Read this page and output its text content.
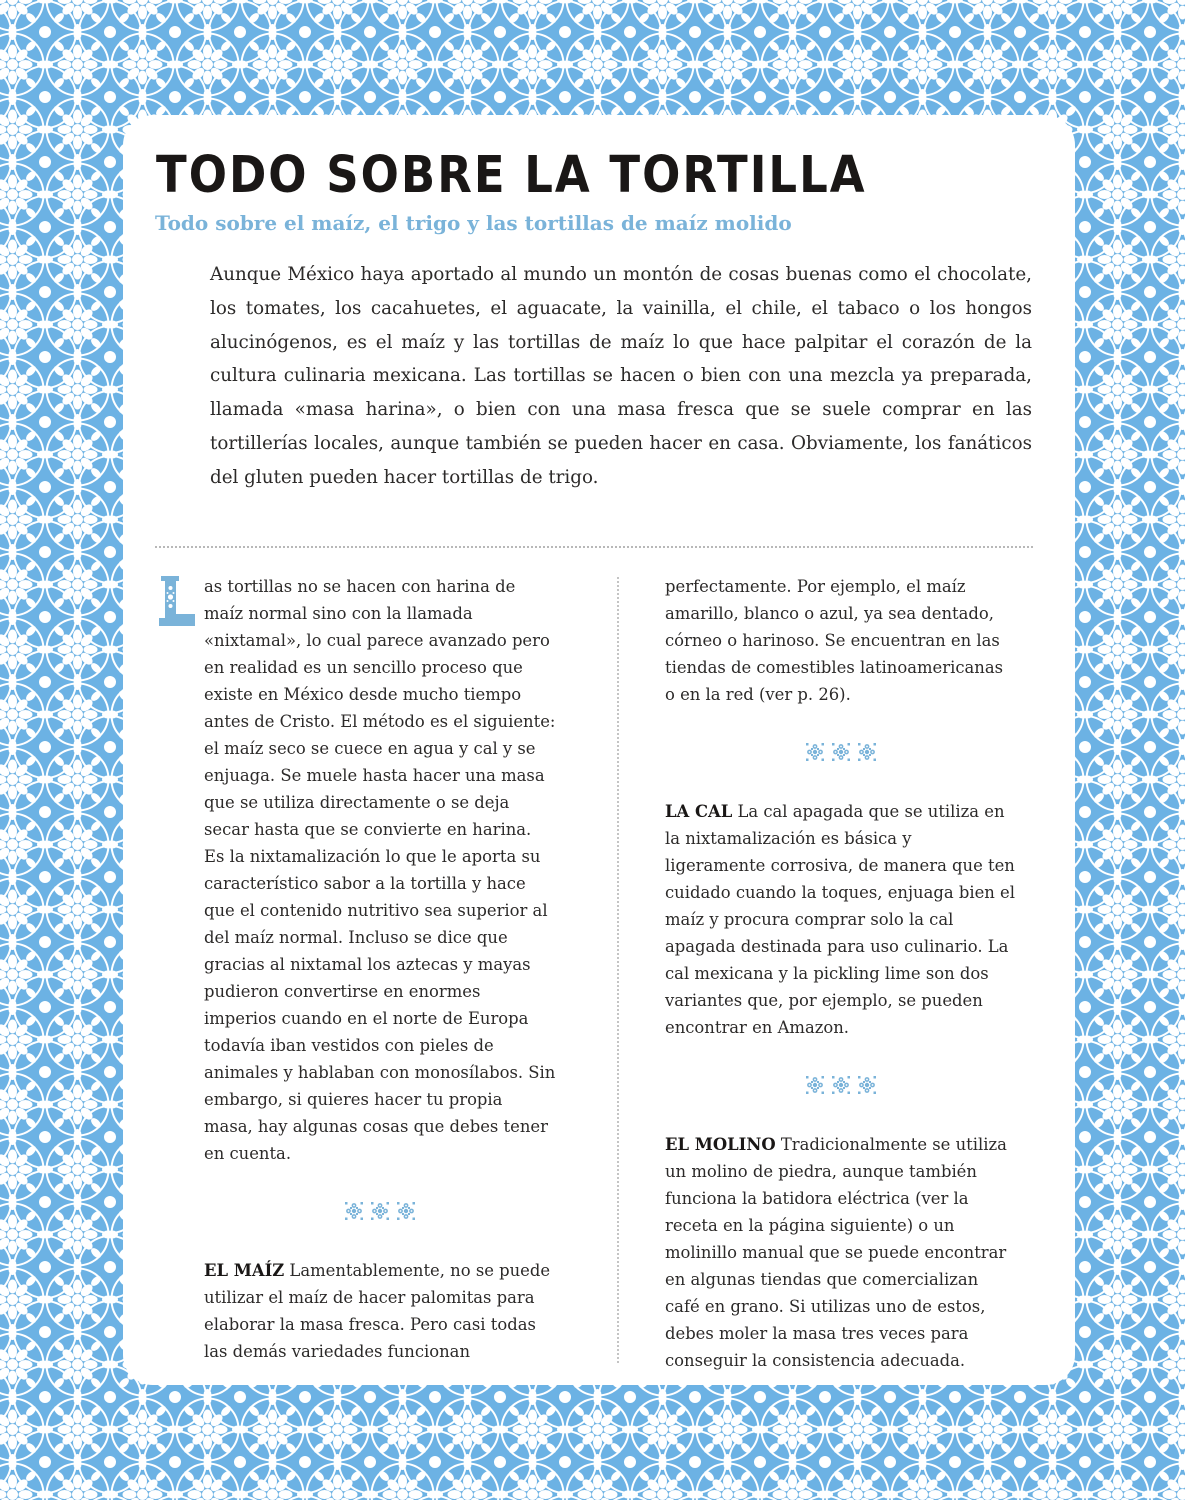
TODO SOBRE LA TORTILLA
Todo sobre el maíz, el trigo y las tortillas de maíz molido

Aunque México haya aportado al mundo un montón de cosas buenas como el chocolate, los tomates, los cacahuetes, el aguacate, la vainilla, el chile, el tabaco o los hongos alucinógenos, es el maíz y las tortillas de maíz lo que hace palpitar el corazón de la cultura culinaria mexicana. Las tortillas se hacen o bien con una mezcla ya preparada, llamada «masa harina», o bien con una masa fresca que se suele comprar en las tortillerías locales, aunque también se pueden hacer en casa. Obviamente, los fanáticos del gluten pueden hacer tortillas de trigo.

as tortillas no se hacen con harina de maíz normal sino con la llamada «nixtamal», lo cual parece avanzado pero en realidad es un sencillo proceso que existe en México desde mucho tiempo antes de Cristo. El método es el siguiente: el maíz seco se cuece en agua y cal y se enjuaga. Se muele hasta hacer una masa que se utiliza directamente o se deja secar hasta que se convierte en harina. Es la nixtamalización lo que le aporta su característico sabor a la tortilla y hace que el contenido nutritivo sea superior al del maíz normal. Incluso se dice que gracias al nixtamal los aztecas y mayas pudieron convertirse en enormes imperios cuando en el norte de Europa todavía iban vestidos con pieles de animales y hablaban con monosílabos. Sin embargo, si quieres hacer tu propia masa, hay algunas cosas que debes tener en cuenta.

EL MAÍZ Lamentablemente, no se puede utilizar el maíz de hacer palomitas para elaborar la masa fresca. Pero casi todas las demás variedades funcionan

perfectamente. Por ejemplo, el maíz amarillo, blanco o azul, ya sea dentado, córneo o harinoso. Se encuentran en las tiendas de comestibles latinoamericanas o en la red (ver p. 26).

LA CAL La cal apagada que se utiliza en la nixtamalización es básica y ligeramente corrosiva, de manera que ten cuidado cuando la toques, enjuaga bien el maíz y procura comprar solo la cal apagada destinada para uso culinario. La cal mexicana y la pickling lime son dos variantes que, por ejemplo, se pueden encontrar en Amazon.

EL MOLINO Tradicionalmente se utiliza un molino de piedra, aunque también funciona la batidora eléctrica (ver la receta en la página siguiente) o un molinillo manual que se puede encontrar en algunas tiendas que comercializan café en grano. Si utilizas uno de estos, debes moler la masa tres veces para conseguir la consistencia adecuada.
